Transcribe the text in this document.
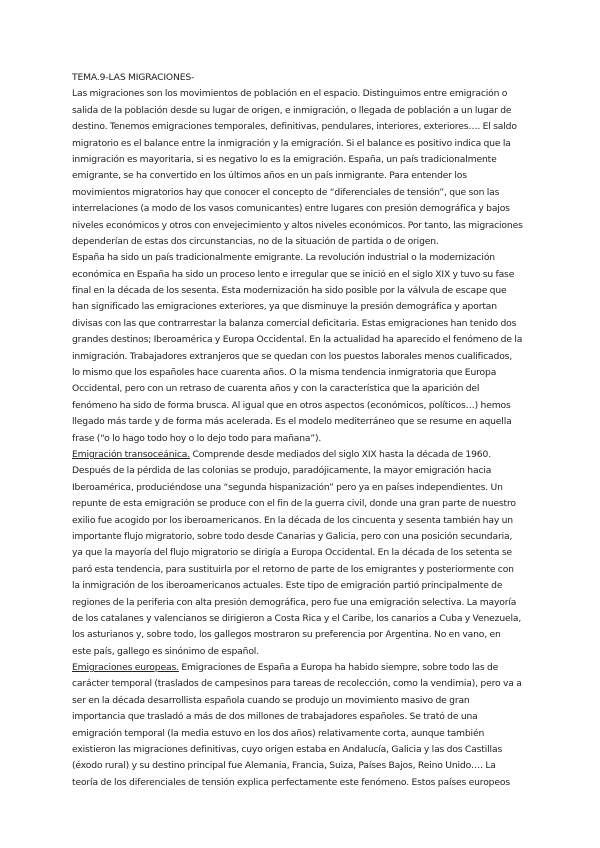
TEMA.9-LAS MIGRACIONES-
Las migraciones son los movimientos de población en el espacio. Distinguimos entre emigración o
salida de la población desde su lugar de origen, e inmigración, o llegada de población a un lugar de
destino. Tenemos emigraciones temporales, definitivas, pendulares, interiores, exteriores…. El saldo
migratorio es el balance entre la inmigración y la emigración. Si el balance es positivo indica que la
inmigración es mayoritaria, si es negativo lo es la emigración. España, un país tradicionalmente
emigrante, se ha convertido en los últimos años en un país inmigrante. Para entender los
movimientos migratorios hay que conocer el concepto de “diferenciales de tensión”, que son las
interrelaciones (a modo de los vasos comunicantes) entre lugares con presión demográfica y bajos
niveles económicos y otros con envejecimiento y altos niveles económicos. Por tanto, las migraciones
dependerían de estas dos circunstancias, no de la situación de partida o de origen.
España ha sido un país tradicionalmente emigrante. La revolución industrial o la modernización
económica en España ha sido un proceso lento e irregular que se inició en el siglo XIX y tuvo su fase
final en la década de los sesenta. Esta modernización ha sido posible por la válvula de escape que
han significado las emigraciones exteriores, ya que disminuye la presión demográfica y aportan
divisas con las que contrarrestar la balanza comercial deficitaria. Estas emigraciones han tenido dos
grandes destinos; Iberoamérica y Europa Occidental. En la actualidad ha aparecido el fenómeno de la
inmigración. Trabajadores extranjeros que se quedan con los puestos laborales menos cualificados,
lo mismo que los españoles hace cuarenta años. O la misma tendencia inmigratoria que Europa
Occidental, pero con un retraso de cuarenta años y con la característica que la aparición del
fenómeno ha sido de forma brusca. Al igual que en otros aspectos (económicos, políticos…) hemos
llegado más tarde y de forma más acelerada. Es el modelo mediterráneo que se resume en aquella
frase (“o lo hago todo hoy o lo dejo todo para mañana”).
Emigración transoceánica. Comprende desde mediados del siglo XIX hasta la década de 1960.
Después de la pérdida de las colonias se produjo, paradójicamente, la mayor emigración hacia
Iberoamérica, produciéndose una “segunda hispanización” pero ya en países independientes. Un
repunte de esta emigración se produce con el fin de la guerra civil, donde una gran parte de nuestro
exilio fue acogido por los iberoamericanos. En la década de los cincuenta y sesenta también hay un
importante flujo migratorio, sobre todo desde Canarias y Galicia, pero con una posición secundaria,
ya que la mayoría del flujo migratorio se dirigía a Europa Occidental. En la década de los setenta se
paró esta tendencia, para sustituirla por el retorno de parte de los emigrantes y posteriormente con
la inmigración de los iberoamericanos actuales. Este tipo de emigración partió principalmente de
regiones de la periferia con alta presión demográfica, pero fue una emigración selectiva. La mayoría
de los catalanes y valencianos se dirigieron a Costa Rica y el Caribe, los canarios a Cuba y Venezuela,
los asturianos y, sobre todo, los gallegos mostraron su preferencia por Argentina. No en vano, en
este país, gallego es sinónimo de español.
Emigraciones europeas. Emigraciones de España a Europa ha habido siempre, sobre todo las de
carácter temporal (traslados de campesinos para tareas de recolección, como la vendimia), pero va a
ser en la década desarrollista española cuando se produjo un movimiento masivo de gran
importancia que trasladó a más de dos millones de trabajadores españoles. Se trató de una
emigración temporal (la media estuvo en los dos años) relativamente corta, aunque también
existieron las migraciones definitivas, cuyo origen estaba en Andalucía, Galicia y las dos Castillas
(éxodo rural) y su destino principal fue Alemania, Francia, Suiza, Países Bajos, Reino Unido…. La
teoría de los diferenciales de tensión explica perfectamente este fenómeno. Estos países europeos
